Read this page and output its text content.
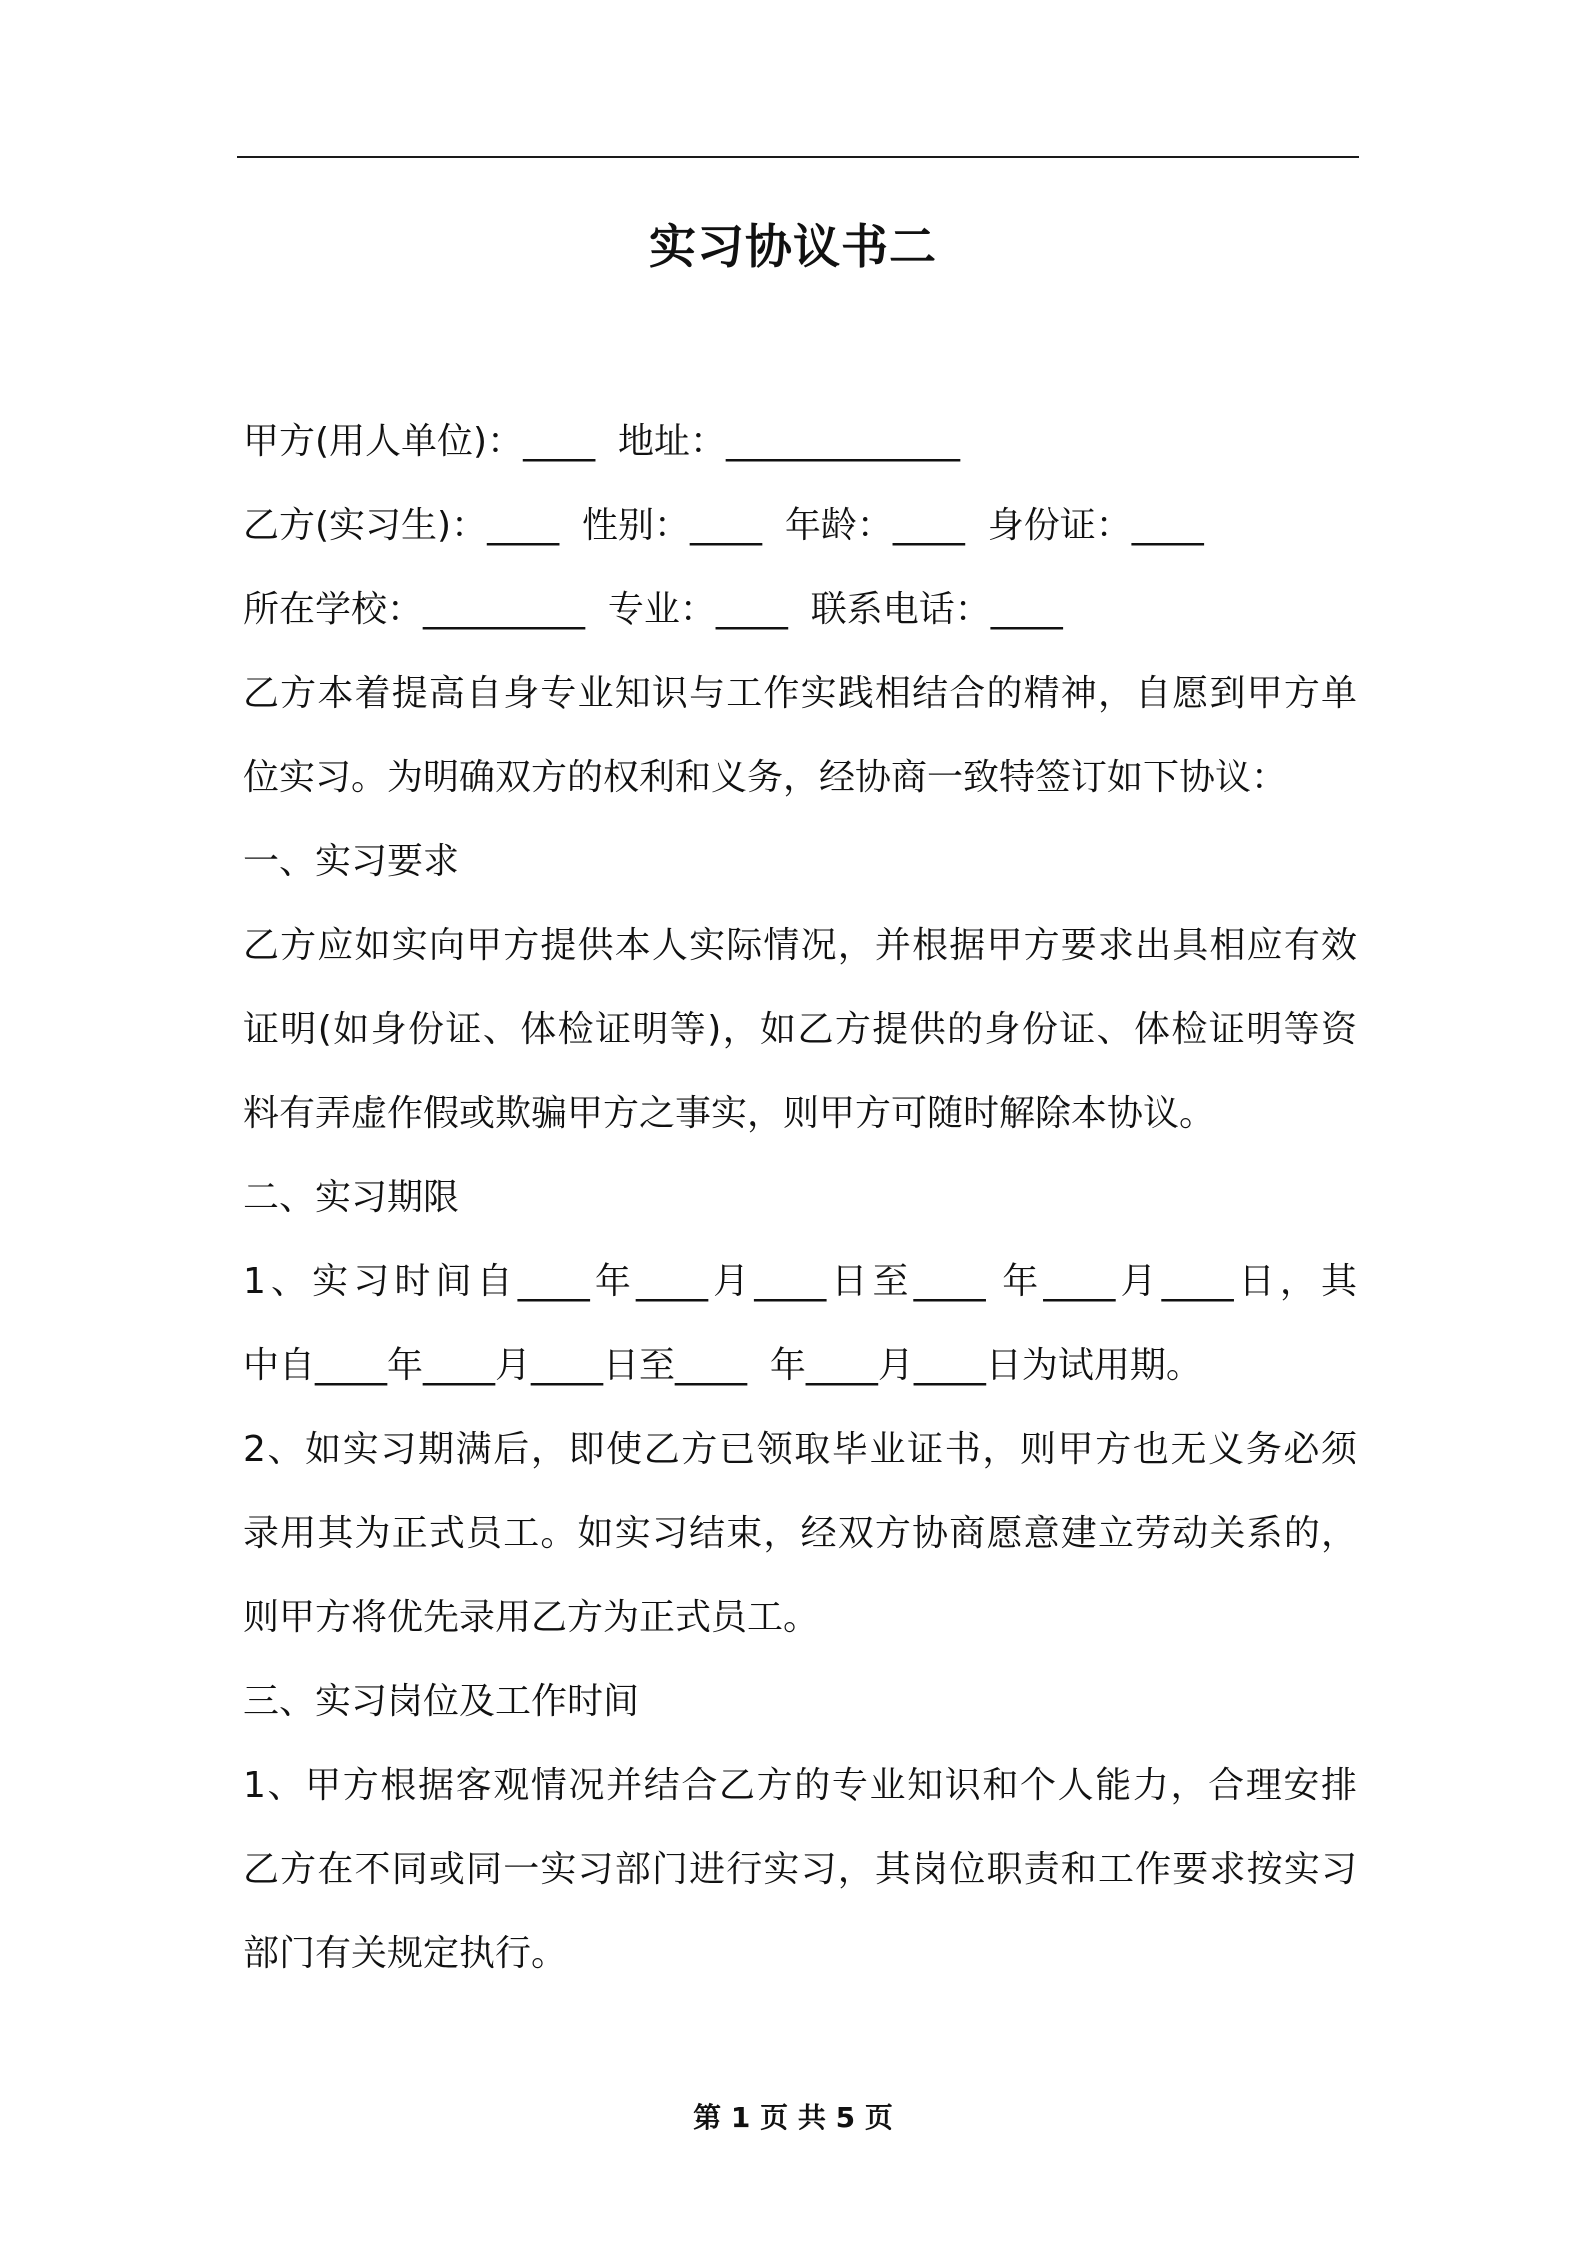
实习协议书二
甲方(用人单位)：____  地址：_____________
乙方(实习生)：____  性别：____  年龄：____  身份证：____
所在学校：_________  专业：____  联系电话：____
乙方本着提高自身专业知识与工作实践相结合的精神，自愿到甲方单
位实习。为明确双方的权利和义务，经协商一致特签订如下协议：
一、实习要求
乙方应如实向甲方提供本人实际情况，并根据甲方要求出具相应有效
证明(如身份证、体检证明等)，如乙方提供的身份证、体检证明等资
料有弄虚作假或欺骗甲方之事实，则甲方可随时解除本协议。
二、实习期限
1、实习时间自____年____月____日至____ 年____月____日，其
中自____年____月____日至____  年____月____日为试用期。
2、如实习期满后，即使乙方已领取毕业证书，则甲方也无义务必须
录用其为正式员工。如实习结束，经双方协商愿意建立劳动关系的，
则甲方将优先录用乙方为正式员工。
三、实习岗位及工作时间
1、甲方根据客观情况并结合乙方的专业知识和个人能力，合理安排
乙方在不同或同一实习部门进行实习，其岗位职责和工作要求按实习
部门有关规定执行。
第 1 页 共 5 页
